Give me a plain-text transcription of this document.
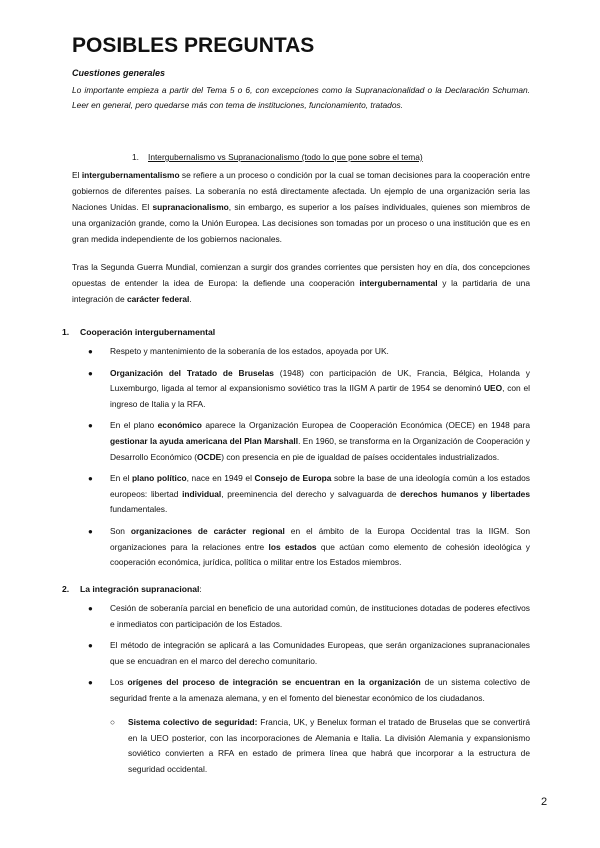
POSIBLES PREGUNTAS
Cuestiones generales
Lo importante empieza a partir del Tema 5 o 6, con excepciones como la Supranacionalidad o la Declaración Schuman. Leer en general, pero quedarse más con tema de instituciones, funcionamiento, tratados.
1. Intergubernalismo vs Supranacionalismo (todo lo que pone sobre el tema)
El intergubernamentalismo se refiere a un proceso o condición por la cual se toman decisiones para la cooperación entre gobiernos de diferentes países. La soberanía no está directamente afectada. Un ejemplo de una organización seria las Naciones Unidas. El supranacionalismo, sin embargo, es superior a los países individuales, quienes son miembros de una organización grande, como la Unión Europea. Las decisiones son tomadas por un proceso o una institución que es en gran medida independiente de los gobiernos nacionales.
Tras la Segunda Guerra Mundial, comienzan a surgir dos grandes corrientes que persisten hoy en día, dos concepciones opuestas de entender la idea de Europa: la defiende una cooperación intergubernamental y la partidaria de una integración de carácter federal.
1. Cooperación intergubernamental
● Respeto y mantenimiento de la soberanía de los estados, apoyada por UK.
● Organización del Tratado de Bruselas (1948) con participación de UK, Francia, Bélgica, Holanda y Luxemburgo, ligada al temor al expansionismo soviético tras la IIGM A partir de 1954 se denominó UEO, con el ingreso de Italia y la RFA.
● En el plano económico aparece la Organización Europea de Cooperación Económica (OECE) en 1948 para gestionar la ayuda americana del Plan Marshall. En 1960, se transforma en la Organización de Cooperación y Desarrollo Económico (OCDE) con presencia en pie de igualdad de países occidentales industrializados.
● En el plano político, nace en 1949 el Consejo de Europa sobre la base de una ideología común a los estados europeos: libertad individual, preeminencia del derecho y salvaguarda de derechos humanos y libertades fundamentales.
● Son organizaciones de carácter regional en el ámbito de la Europa Occidental tras la IIGM. Son organizaciones para la relaciones entre los estados que actúan como elemento de cohesión ideológica y cooperación económica, jurídica, política o militar entre los Estados miembros.
2. La integración supranacional:
● Cesión de soberanía parcial en beneficio de una autoridad común, de instituciones dotadas de poderes efectivos e inmediatos con participación de los Estados.
● El método de integración se aplicará a las Comunidades Europeas, que serán organizaciones supranacionales que se encuadran en el marco del derecho comunitario.
● Los orígenes del proceso de integración se encuentran en la organización de un sistema colectivo de seguridad frente a la amenaza alemana, y en el fomento del bienestar económico de los ciudadanos.
○ Sistema colectivo de seguridad: Francia, UK, y Benelux forman el tratado de Bruselas que se convertirá en la UEO posterior, con las incorporaciones de Alemania e Italia. La división Alemania y expansionismo soviético convierten a RFA en estado de primera línea que habrá que incorporar a la estructura de seguridad occidental.
2
